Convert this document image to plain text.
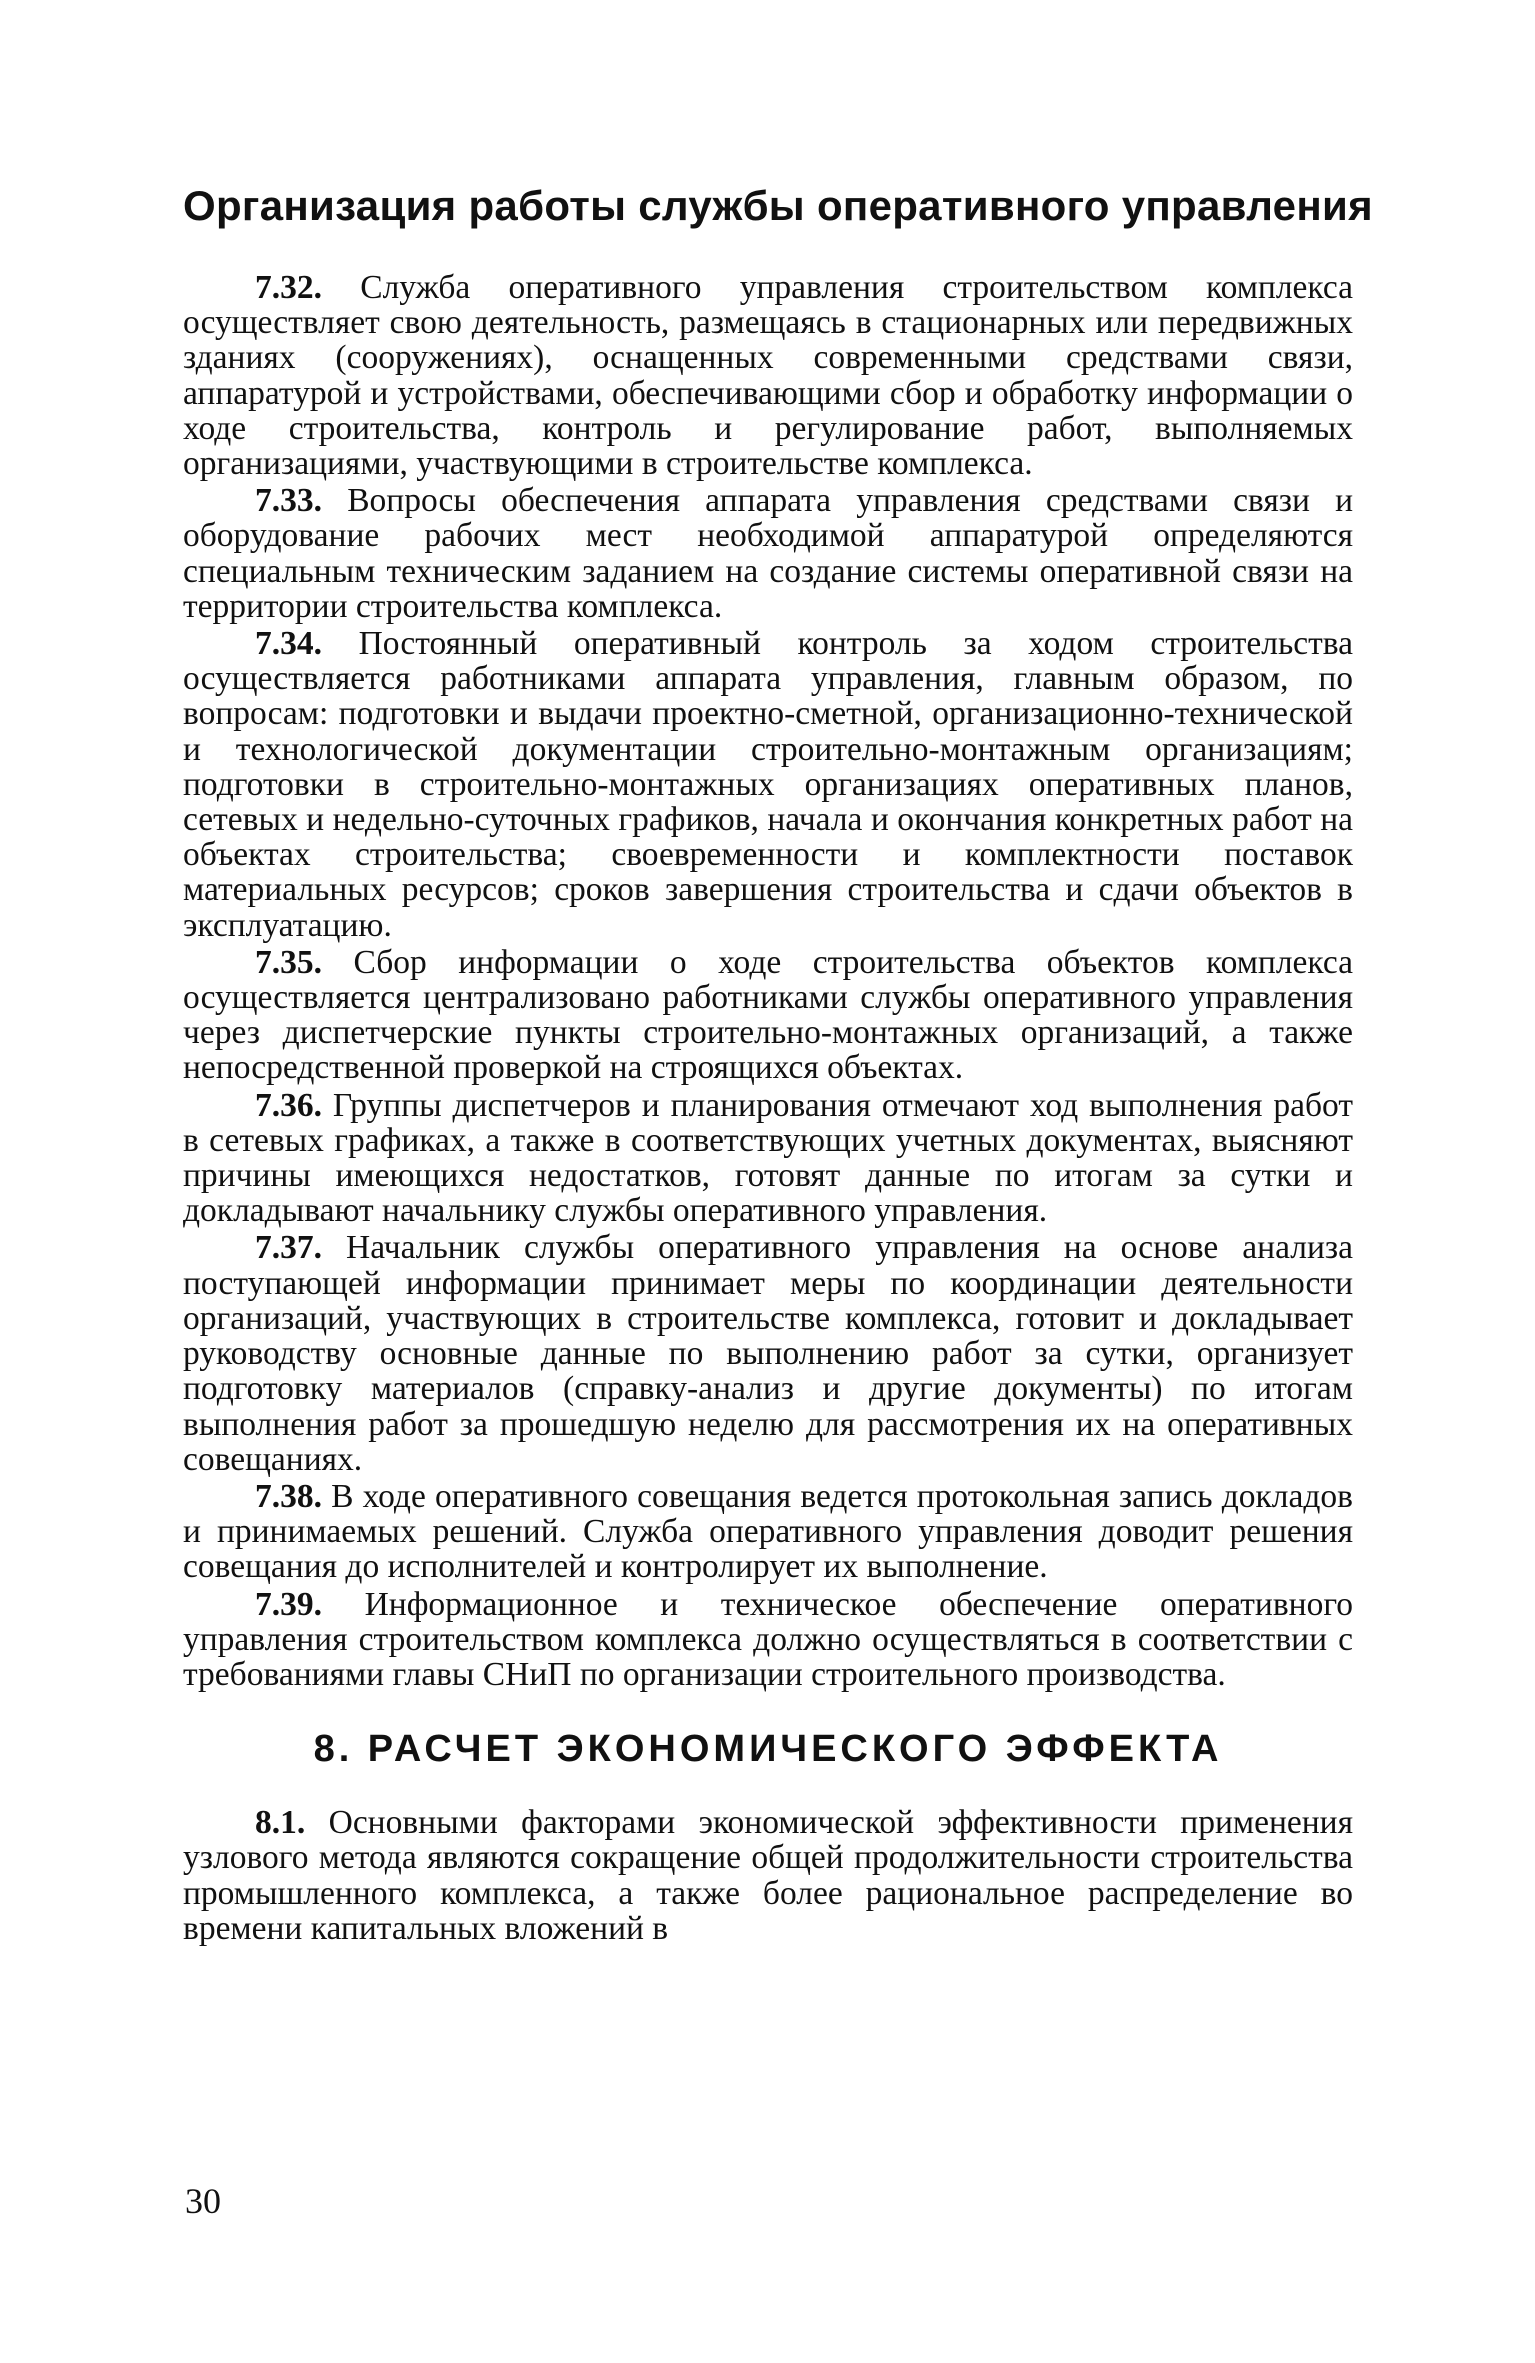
Организация работы службы оперативного управления

7.32. Служба оперативного управления строительством комплекса осуществляет свою деятельность, размещаясь в стационарных или передвижных зданиях (сооружениях), оснащенных современными средствами связи, аппаратурой и устройствами, обеспечивающими сбор и обработку информации о ходе строительства, контроль и регулирование работ, выполняемых организациями, участвующими в строительстве комплекса.

7.33. Вопросы обеспечения аппарата управления средствами связи и оборудование рабочих мест необходимой аппаратурой определяются специальным техническим заданием на создание системы оперативной связи на территории строительства комплекса.

7.34. Постоянный оперативный контроль за ходом строительства осуществляется работниками аппарата управления, главным образом, по вопросам: подготовки и выдачи проектно-сметной, организационно-технической и технологической документации строительно-монтажным организациям; подготовки в строительно-монтажных организациях оперативных планов, сетевых и недельно-суточных графиков, начала и окончания конкретных работ на объектах строительства; своевременности и комплектности поставок материальных ресурсов; сроков завершения строительства и сдачи объектов в эксплуатацию.

7.35. Сбор информации о ходе строительства объектов комплекса осуществляется централизовано работниками службы оперативного управления через диспетчерские пункты строительно-монтажных организаций, а также непосредственной проверкой на строящихся объектах.

7.36. Группы диспетчеров и планирования отмечают ход выполнения работ в сетевых графиках, а также в соответствующих учетных документах, выясняют причины имеющихся недостатков, готовят данные по итогам за сутки и докладывают начальнику службы оперативного управления.

7.37. Начальник службы оперативного управления на основе анализа поступающей информации принимает меры по координации деятельности организаций, участвующих в строительстве комплекса, готовит и докладывает руководству основные данные по выполнению работ за сутки, организует подготовку материалов (справку-анализ и другие документы) по итогам выполнения работ за прошедшую неделю для рассмотрения их на оперативных совещаниях.

7.38. В ходе оперативного совещания ведется протокольная запись докладов и принимаемых решений. Служба оперативного управления доводит решения совещания до исполнителей и контролирует их выполнение.

7.39. Информационное и техническое обеспечение оперативного управления строительством комплекса должно осуществляться в соответствии с требованиями главы СНиП по организации строительного производства.

8. РАСЧЕТ ЭКОНОМИЧЕСКОГО ЭФФЕКТА

8.1. Основными факторами экономической эффективности применения узлового метода являются сокращение общей продолжительности строительства промышленного комплекса, а также более рациональное распределение во времени капитальных вложений в

30
